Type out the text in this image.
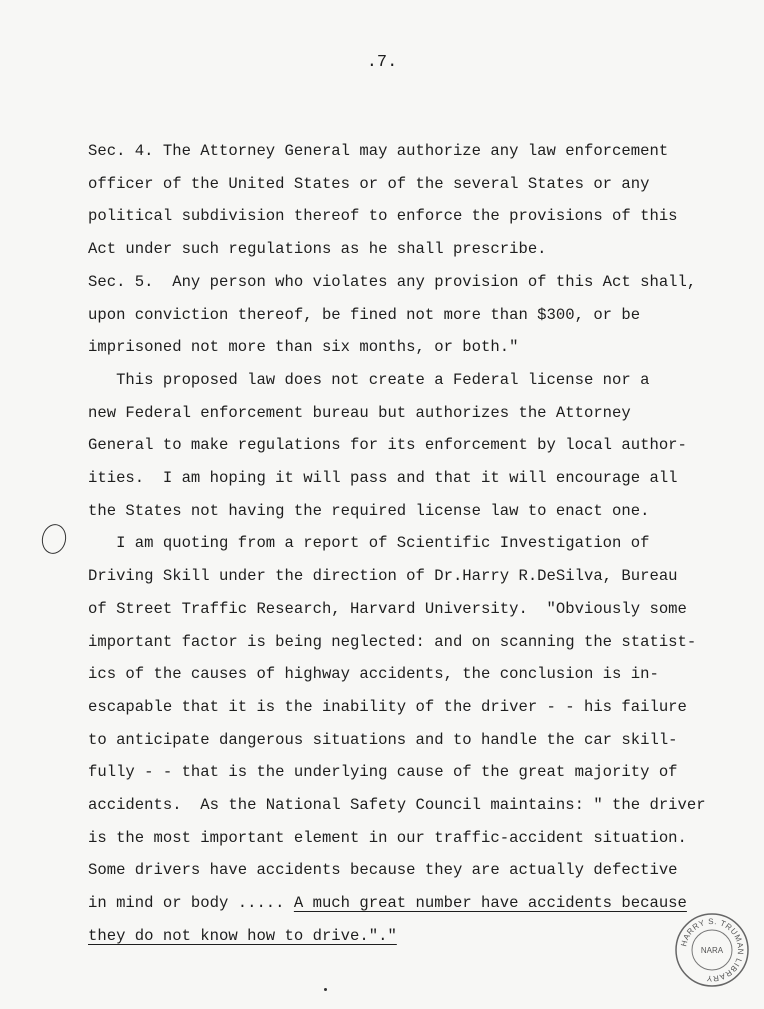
.7.
Sec. 4. The Attorney General may authorize any law enforcement
officer of the United States or of the several States or any
political subdivision thereof to enforce the provisions of this
Act under such regulations as he shall prescribe.
Sec. 5.  Any person who violates any provision of this Act shall,
upon conviction thereof, be fined not more than $300, or be
imprisoned not more than six months, or both."
This proposed law does not create a Federal license nor a
new Federal enforcement bureau but authorizes the Attorney
General to make regulations for its enforcement by local author-
ities.  I am hoping it will pass and that it will encourage all
the States not having the required license law to enact one.
I am quoting from a report of Scientific Investigation of
Driving Skill under the direction of Dr.Harry R.DeSilva, Bureau
of Street Traffic Research, Harvard University.  "Obviously some
important factor is being neglected: and on scanning the statist-
ics of the causes of highway accidents, the conclusion is in-
escapable that it is the inability of the driver - - his failure
to anticipate dangerous situations and to handle the car skill-
fully - - that is the underlying cause of the great majority of
accidents.  As the National Safety Council maintains: " the driver
is the most important element in our traffic-accident situation.
Some drivers have accidents because they are actually defective
in mind or body ..... A much great number have accidents because
they do not know how to drive."."	HARRY S. TRUMAN LIBRARY
NARA
